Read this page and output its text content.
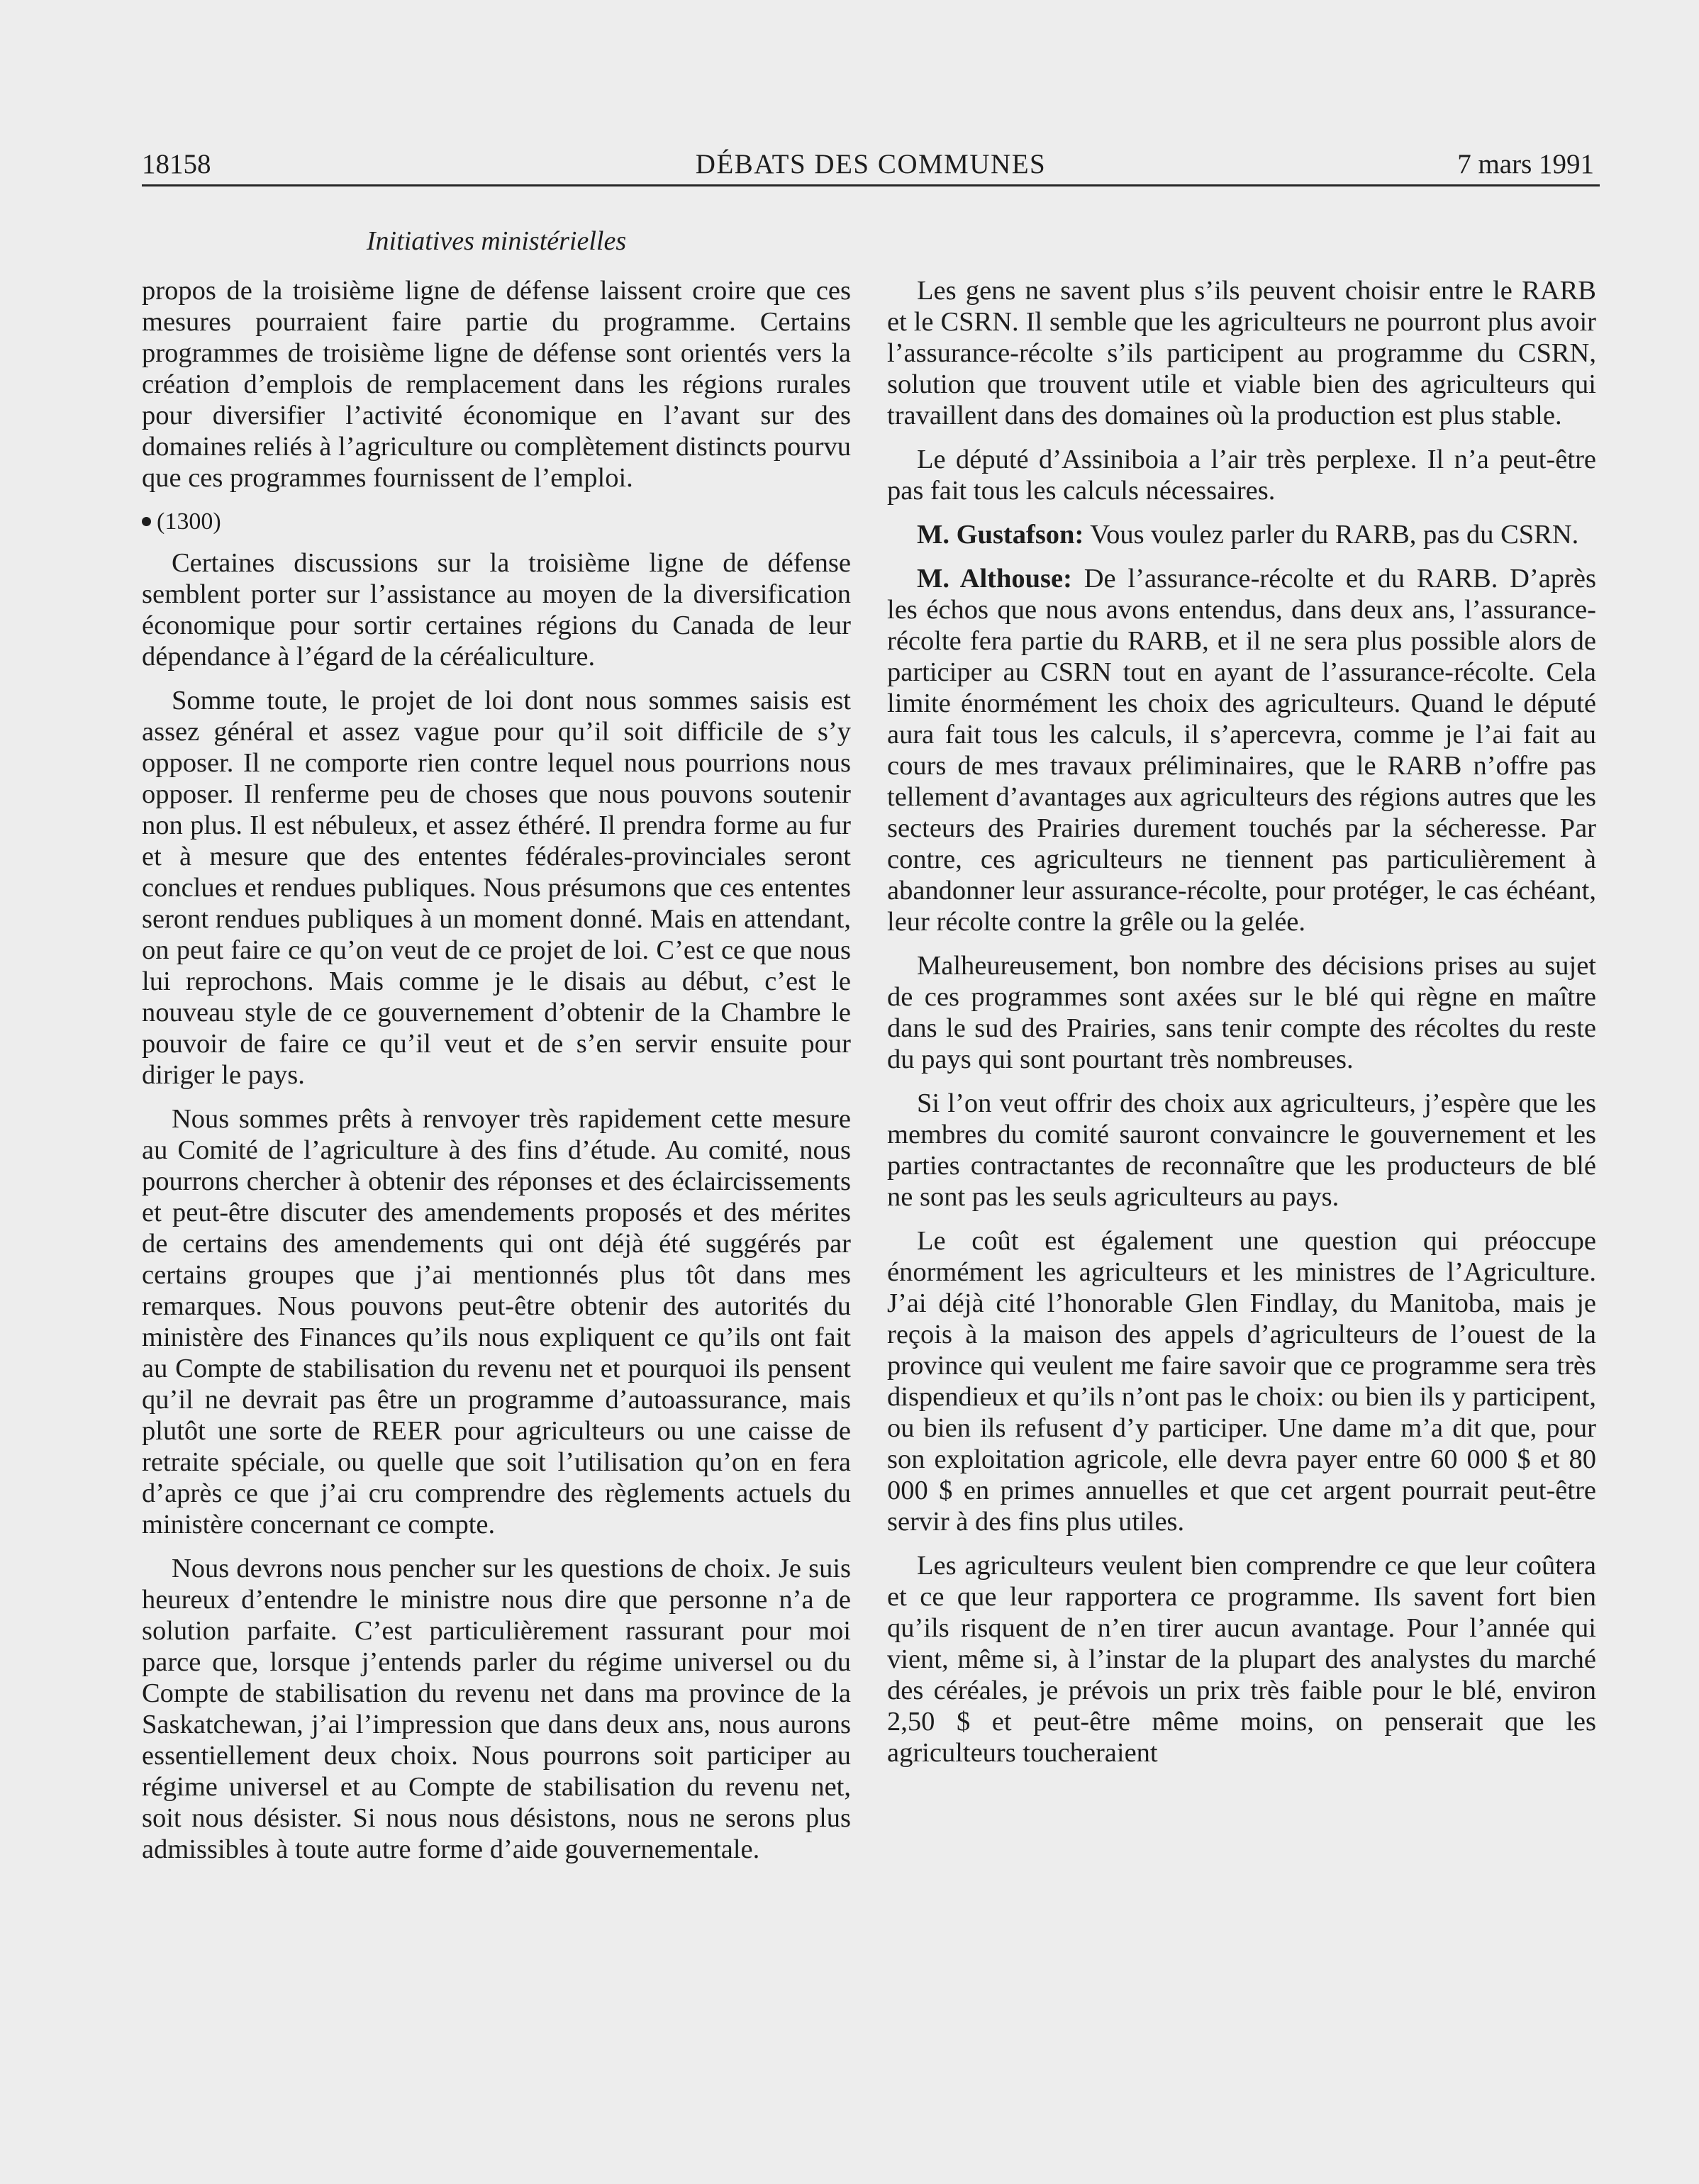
18158	DÉBATS DES COMMUNES	7 mars 1991
Initiatives ministérielles

propos de la troisième ligne de défense laissent croire que ces mesures pourraient faire partie du programme. Certains programmes de troisième ligne de défense sont orientés vers la création d’emplois de remplacement dans les régions rurales pour diversifier l’activité économique en l’avant sur des domaines reliés à l’agriculture ou complètement distincts pourvu que ces programmes fournissent de l’emploi.

(1300)

Certaines discussions sur la troisième ligne de défense semblent porter sur l’assistance au moyen de la diversification économique pour sortir certaines régions du Canada de leur dépendance à l’égard de la céréaliculture.

Somme toute, le projet de loi dont nous sommes saisis est assez général et assez vague pour qu’il soit difficile de s’y opposer. Il ne comporte rien contre lequel nous pourrions nous opposer. Il renferme peu de choses que nous pouvons soutenir non plus. Il est nébuleux, et assez éthéré. Il prendra forme au fur et à mesure que des ententes fédérales-provinciales seront conclues et rendues publiques. Nous présumons que ces ententes seront rendues publiques à un moment donné. Mais en attendant, on peut faire ce qu’on veut de ce projet de loi. C’est ce que nous lui reprochons. Mais comme je le disais au début, c’est le nouveau style de ce gouvernement d’obtenir de la Chambre le pouvoir de faire ce qu’il veut et de s’en servir ensuite pour diriger le pays.

Nous sommes prêts à renvoyer très rapidement cette mesure au Comité de l’agriculture à des fins d’étude. Au comité, nous pourrons chercher à obtenir des réponses et des éclaircissements et peut-être discuter des amendements proposés et des mérites de certains des amendements qui ont déjà été suggérés par certains groupes que j’ai mentionnés plus tôt dans mes remarques. Nous pouvons peut-être obtenir des autorités du ministère des Finances qu’ils nous expliquent ce qu’ils ont fait au Compte de stabilisation du revenu net et pourquoi ils pensent qu’il ne devrait pas être un programme d’autoassurance, mais plutôt une sorte de REER pour agriculteurs ou une caisse de retraite spéciale, ou quelle que soit l’utilisation qu’on en fera d’après ce que j’ai cru comprendre des règlements actuels du ministère concernant ce compte.

Nous devrons nous pencher sur les questions de choix. Je suis heureux d’entendre le ministre nous dire que personne n’a de solution parfaite. C’est particulièrement rassurant pour moi parce que, lorsque j’entends parler du régime universel ou du Compte de stabilisation du revenu net dans ma province de la Saskatchewan, j’ai l’impression que dans deux ans, nous aurons essentiellement deux choix. Nous pourrons soit participer au régime universel et au Compte de stabilisation du revenu net, soit nous désister. Si nous nous désistons, nous ne serons plus admissibles à toute autre forme d’aide gouvernementale.

Les gens ne savent plus s’ils peuvent choisir entre le RARB et le CSRN. Il semble que les agriculteurs ne pourront plus avoir l’assurance-récolte s’ils participent au programme du CSRN, solution que trouvent utile et viable bien des agriculteurs qui travaillent dans des domaines où la production est plus stable.

Le député d’Assiniboia a l’air très perplexe. Il n’a peut-être pas fait tous les calculs nécessaires.

M. Gustafson: Vous voulez parler du RARB, pas du CSRN.

M. Althouse: De l’assurance-récolte et du RARB. D’après les échos que nous avons entendus, dans deux ans, l’assurance-récolte fera partie du RARB, et il ne sera plus possible alors de participer au CSRN tout en ayant de l’assurance-récolte. Cela limite énormément les choix des agriculteurs. Quand le député aura fait tous les calculs, il s’apercevra, comme je l’ai fait au cours de mes travaux préliminaires, que le RARB n’offre pas tellement d’avantages aux agriculteurs des régions autres que les secteurs des Prairies durement touchés par la sécheresse. Par contre, ces agriculteurs ne tiennent pas particulièrement à abandonner leur assurance-récolte, pour protéger, le cas échéant, leur récolte contre la grêle ou la gelée.

Malheureusement, bon nombre des décisions prises au sujet de ces programmes sont axées sur le blé qui règne en maître dans le sud des Prairies, sans tenir compte des récoltes du reste du pays qui sont pourtant très nombreuses.

Si l’on veut offrir des choix aux agriculteurs, j’espère que les membres du comité sauront convaincre le gouvernement et les parties contractantes de reconnaître que les producteurs de blé ne sont pas les seuls agriculteurs au pays.

Le coût est également une question qui préoccupe énormément les agriculteurs et les ministres de l’Agriculture. J’ai déjà cité l’honorable Glen Findlay, du Manitoba, mais je reçois à la maison des appels d’agriculteurs de l’ouest de la province qui veulent me faire savoir que ce programme sera très dispendieux et qu’ils n’ont pas le choix: ou bien ils y participent, ou bien ils refusent d’y participer. Une dame m’a dit que, pour son exploitation agricole, elle devra payer entre 60 000 $ et 80 000 $ en primes annuelles et que cet argent pourrait peut-être servir à des fins plus utiles.

Les agriculteurs veulent bien comprendre ce que leur coûtera et ce que leur rapportera ce programme. Ils savent fort bien qu’ils risquent de n’en tirer aucun avantage. Pour l’année qui vient, même si, à l’instar de la plupart des analystes du marché des céréales, je prévois un prix très faible pour le blé, environ 2,50 $ et peut-être même moins, on penserait que les agriculteurs toucheraient
